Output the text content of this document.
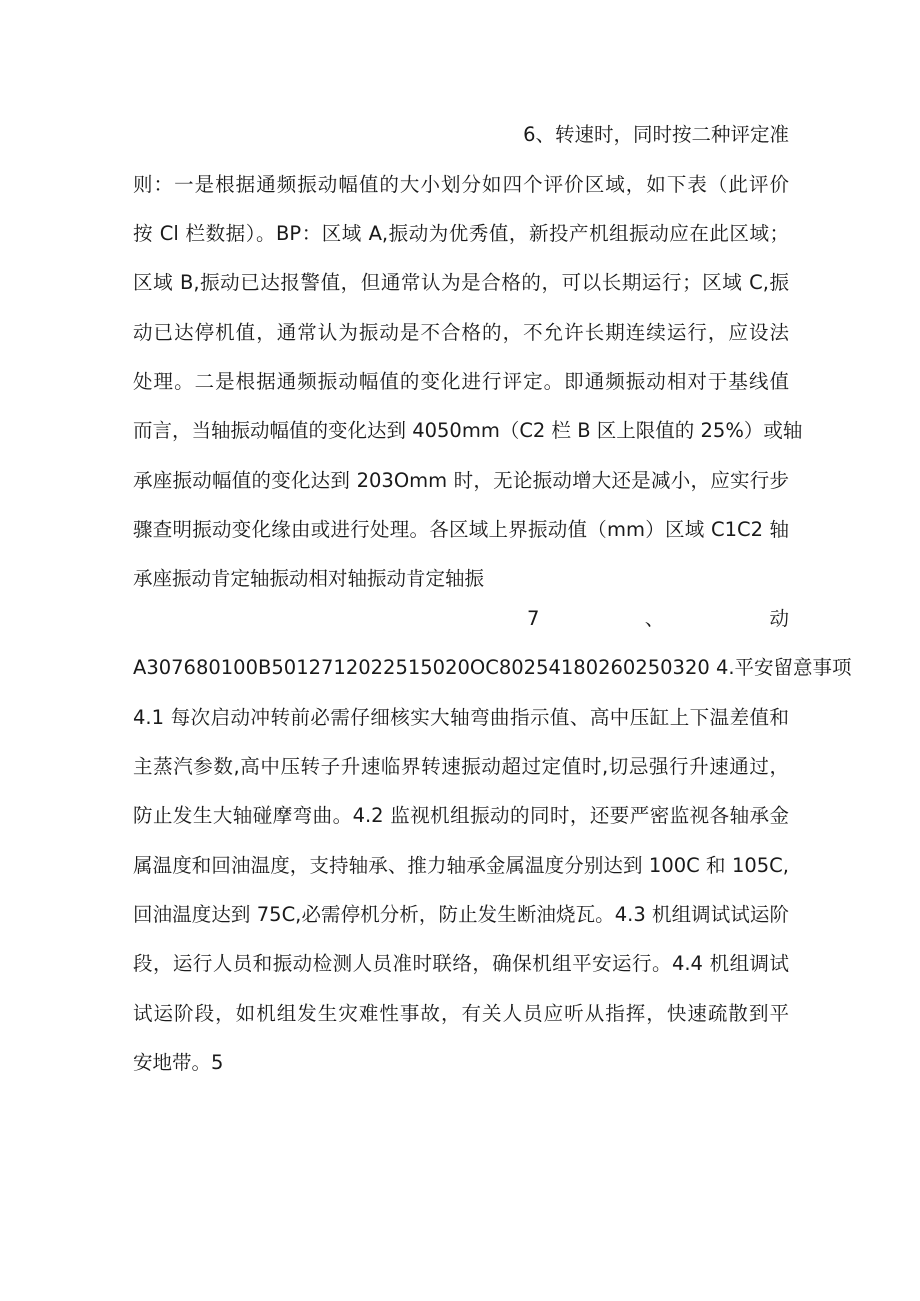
6、转速时，同时按二种评定准
则：一是根据通频振动幅值的大小划分如四个评价区域，如下表（此评价
按 Cl 栏数据）。BP：区域 A,振动为优秀值，新投产机组振动应在此区域；
区域 B,振动已达报警值，但通常认为是合格的，可以长期运行；区域 C,振
动已达停机值，通常认为振动是不合格的，不允许长期连续运行，应设法
处理。二是根据通频振动幅值的变化进行评定。即通频振动相对于基线值
而言，当轴振动幅值的变化达到 4050mm（C2 栏 B 区上限值的 25%）或轴
承座振动幅值的变化达到 203Omm 时，无论振动增大还是减小，应实行步
骤查明振动变化缘由或进行处理。各区域上界振动值（mm）区域 C1C2 轴
承座振动肯定轴振动相对轴振动肯定轴振
7	、	动
A307680100B5012712022515020OC80254180260250320 4.平安留意事项
4.1 每次启动冲转前必需仔细核实大轴弯曲指示值、高中压缸上下温差值和
主蒸汽参数,高中压转子升速临界转速振动超过定值时,切忌强行升速通过，
防止发生大轴碰摩弯曲。4.2 监视机组振动的同时，还要严密监视各轴承金
属温度和回油温度，支持轴承、推力轴承金属温度分别达到 100C 和 105C,
回油温度达到 75C,必需停机分析，防止发生断油烧瓦。4.3 机组调试试运阶
段，运行人员和振动检测人员准时联络，确保机组平安运行。4.4 机组调试
试运阶段，如机组发生灾难性事故，有关人员应听从指挥，快速疏散到平
安地带。5
